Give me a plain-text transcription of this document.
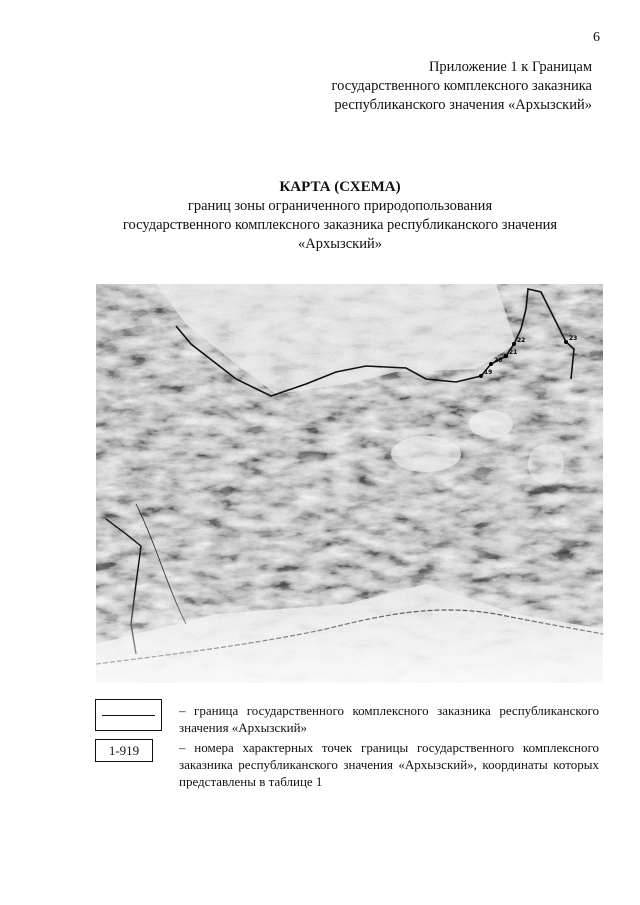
6
Приложение 1 к Границам
государственного комплексного заказника
республиканского значения «Архызский»
КАРТА (СХЕМА)
границ зоны ограниченного природопользования
государственного комплексного заказника республиканского значения
«Архызский»
22	23
21
20
19
– граница государственного комплексного заказника республиканского значения «Архызский»
1-919	– номера характерных точек границы государственного комплексного заказника республиканского значения «Архызский», координаты которых представлены в таблице 1
